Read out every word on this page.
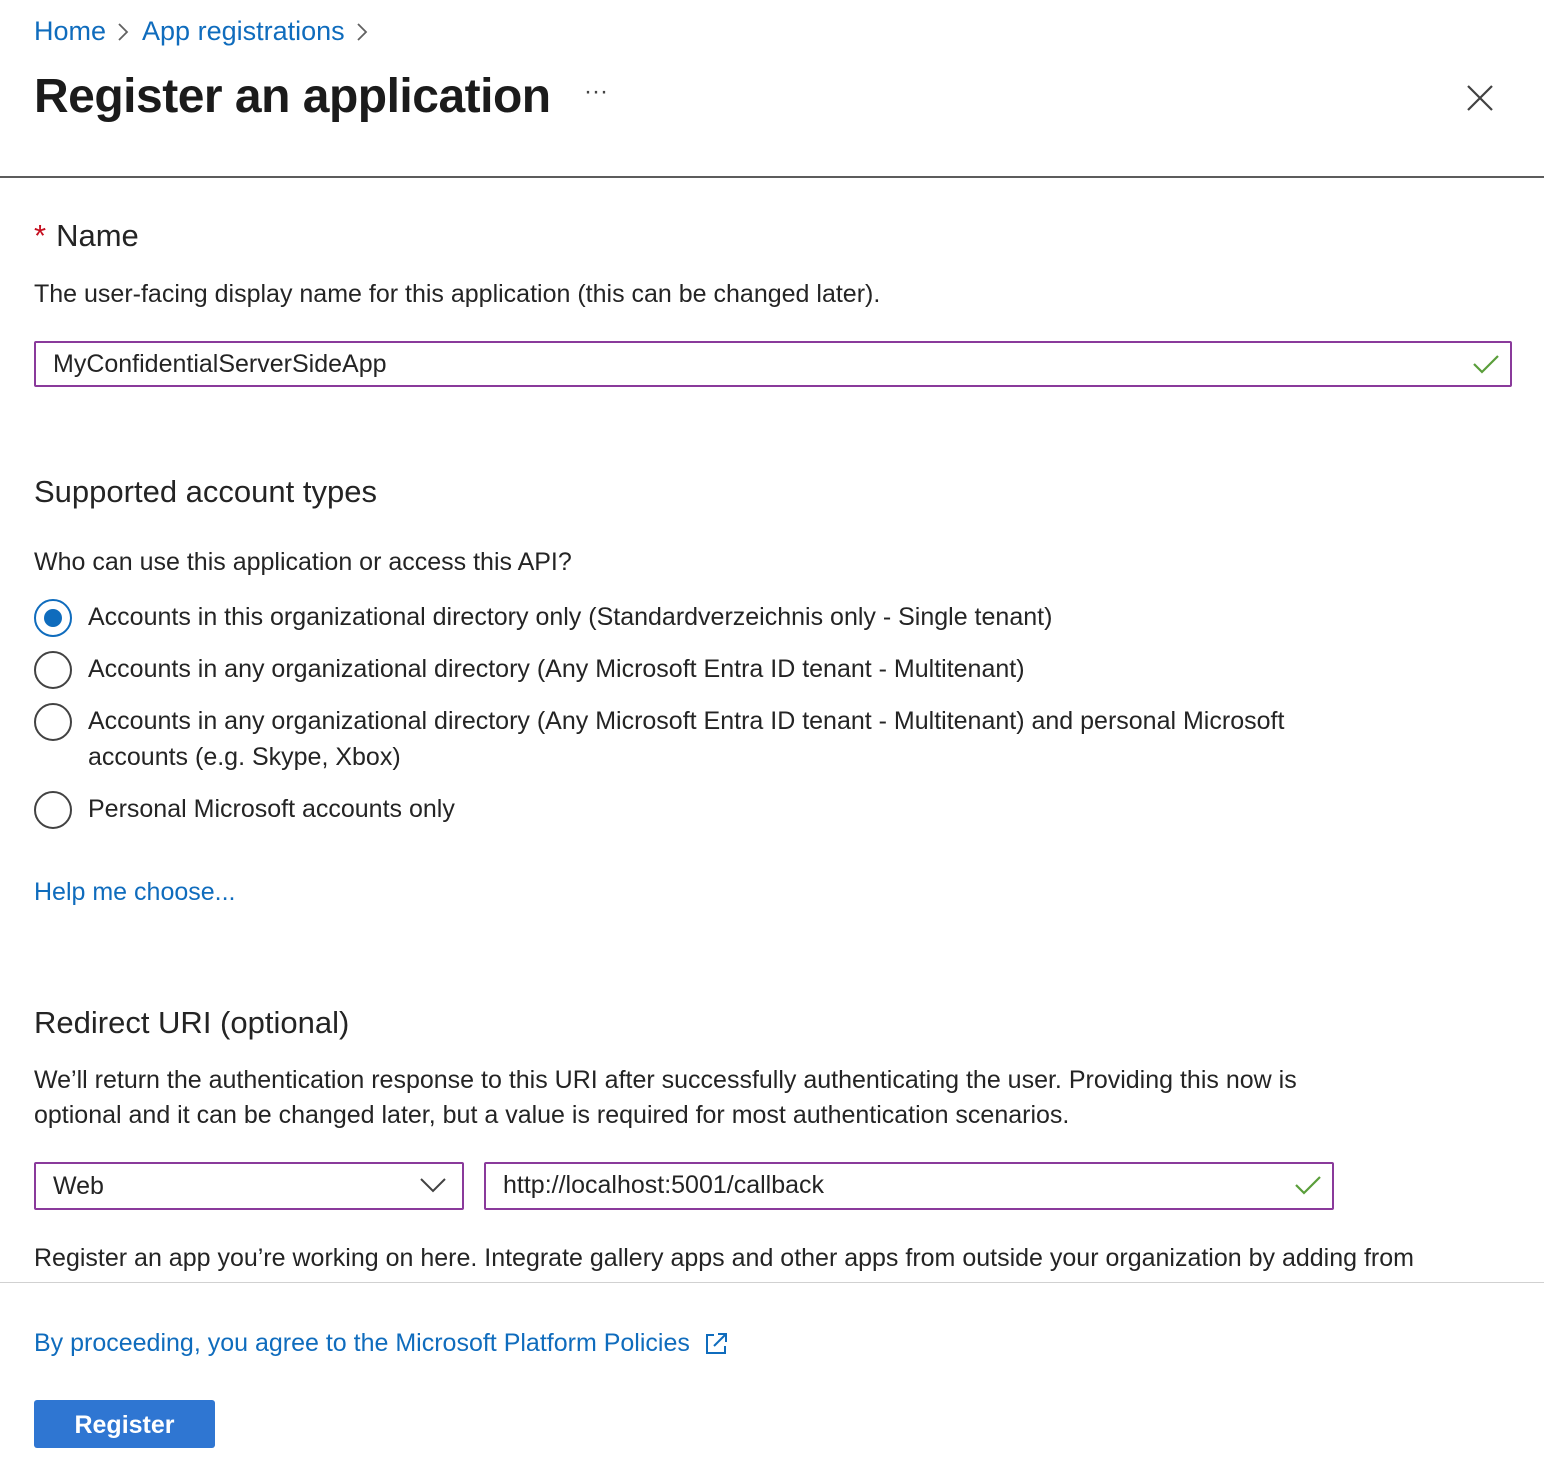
Home App registrations
Register an application	···
* Name
The user-facing display name for this application (this can be changed later).
MyConfidentialServerSideApp
Supported account types
Who can use this application or access this API?
Accounts in this organizational directory only (Standardverzeichnis only - Single tenant)
Accounts in any organizational directory (Any Microsoft Entra ID tenant - Multitenant)
Accounts in any organizational directory (Any Microsoft Entra ID tenant - Multitenant) and personal Microsoft accounts (e.g. Skype, Xbox)
Personal Microsoft accounts only
Help me choose...
Redirect URI (optional)
We’ll return the authentication response to this URI after successfully authenticating the user. Providing this now is optional and it can be changed later, but a value is required for most authentication scenarios.
Web	http://localhost:5001/callback
Register an app you’re working on here. Integrate gallery apps and other apps from outside your organization by adding from
By proceeding, you agree to the Microsoft Platform Policies
Register
